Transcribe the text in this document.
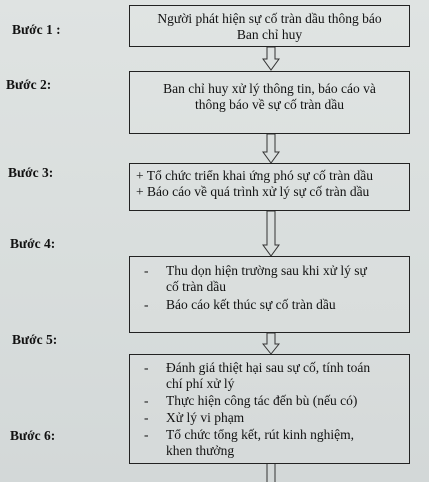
Bước 1 :
Bước 2:
Bước 3:
Bước 4:
Bước 5:
Bước 6:
Người phát hiện sự cố tràn dầu thông báo
Ban chỉ huy
Ban chỉ huy xử lý thông tin, báo cáo và
thông báo về sự cố tràn dầu
+ Tổ chức triển khai ứng phó sự cố tràn dầu
+ Báo cáo về quá trình xử lý sự cố tràn dầu
- Thu dọn hiện trường sau khi xử lý sự
cố tràn dầu
- Báo cáo kết thúc sự cố tràn dầu
- Đánh giá thiệt hại sau sự cố, tính toán
chí phí xử lý
- Thực hiện công tác đến bù (nếu có)
- Xử lý vi phạm
- Tổ chức tổng kết, rút kinh nghiệm,
khen thưởng
